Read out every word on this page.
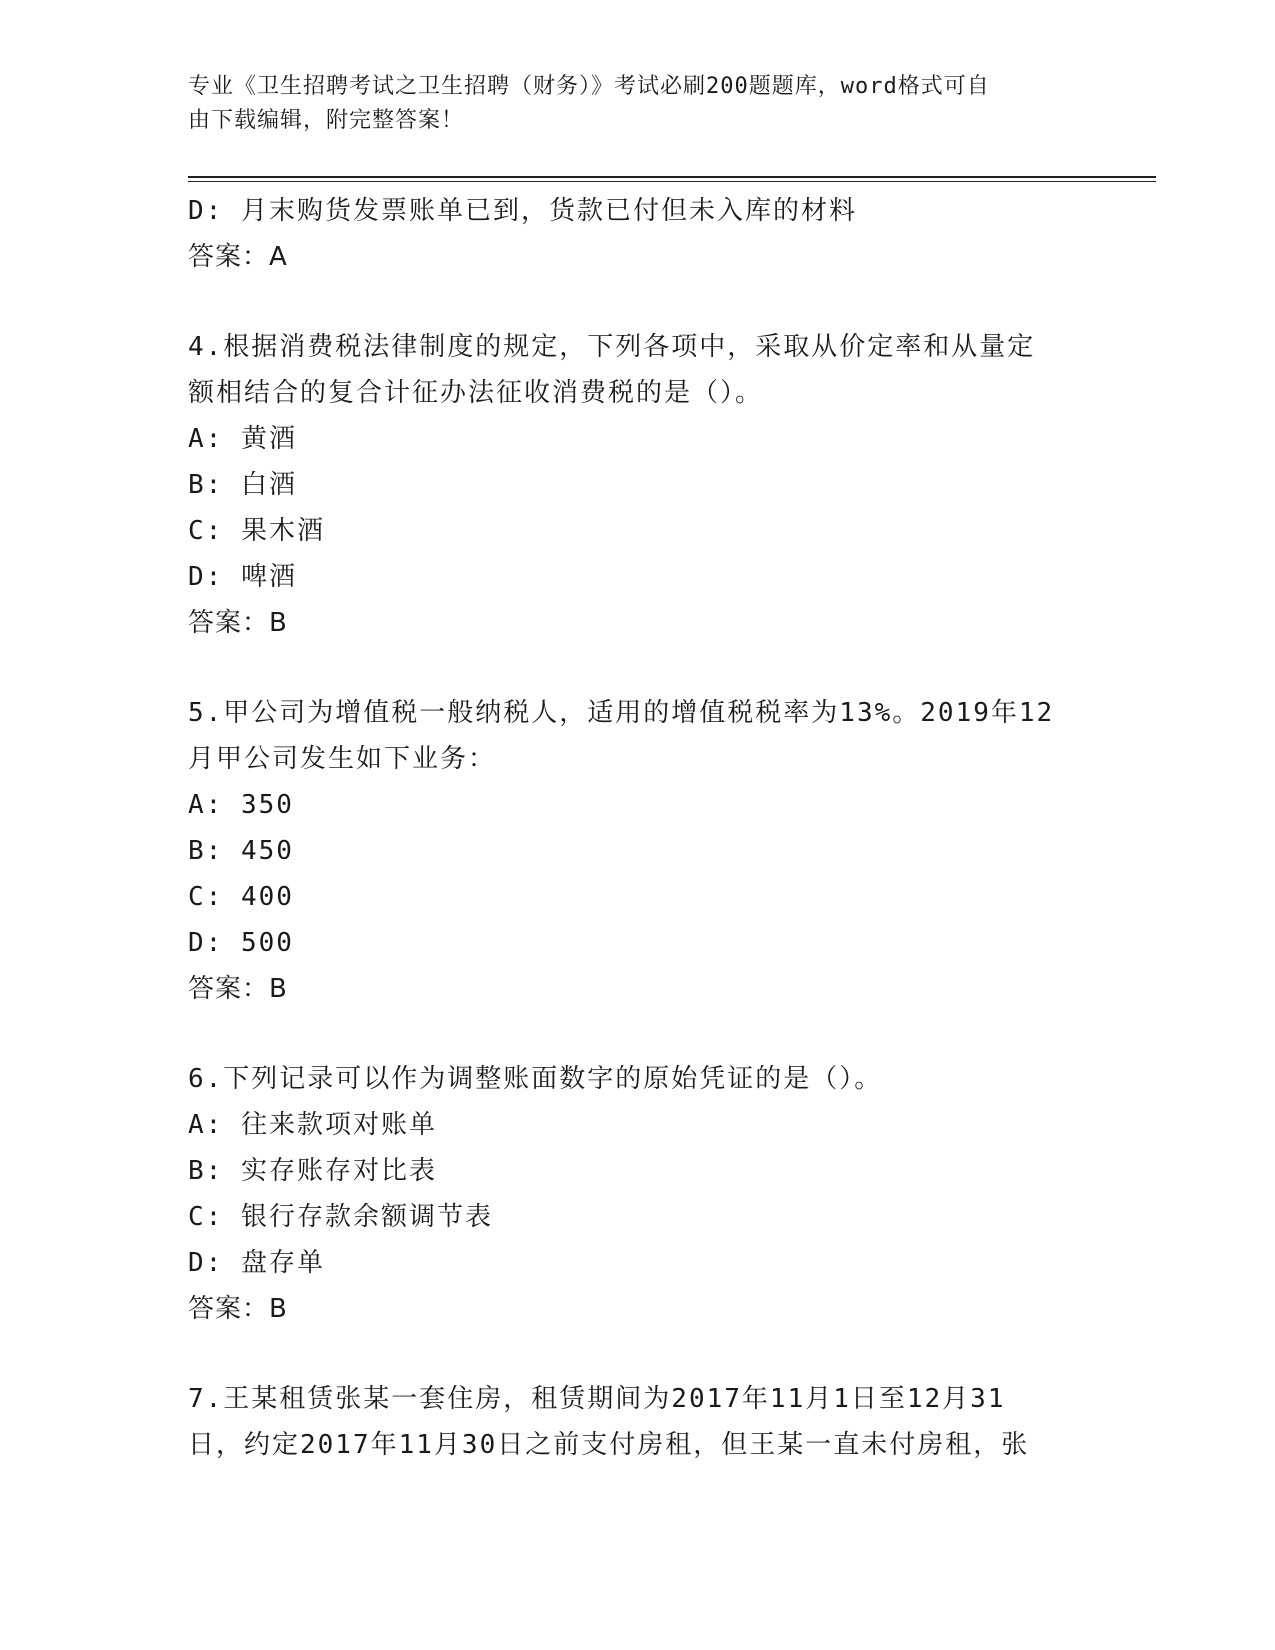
专业《卫生招聘考试之卫生招聘（财务）》考试必刷200题题库，word格式可自
由下载编辑，附完整答案！
D: 月末购货发票账单已到，货款已付但未入库的材料
答案：A
4.根据消费税法律制度的规定，下列各项中，采取从价定率和从量定
额相结合的复合计征办法征收消费税的是（）。
A: 黄酒
B: 白酒
C: 果木酒
D: 啤酒
答案：B
5.甲公司为增值税一般纳税人，适用的增值税税率为13%。2019年12
月甲公司发生如下业务：
A: 350
B: 450
C: 400
D: 500
答案：B
6.下列记录可以作为调整账面数字的原始凭证的是（）。
A: 往来款项对账单
B: 实存账存对比表
C: 银行存款余额调节表
D: 盘存单
答案：B
7.王某租赁张某一套住房，租赁期间为2017年11月1日至12月31
日，约定2017年11月30日之前支付房租，但王某一直未付房租，张
